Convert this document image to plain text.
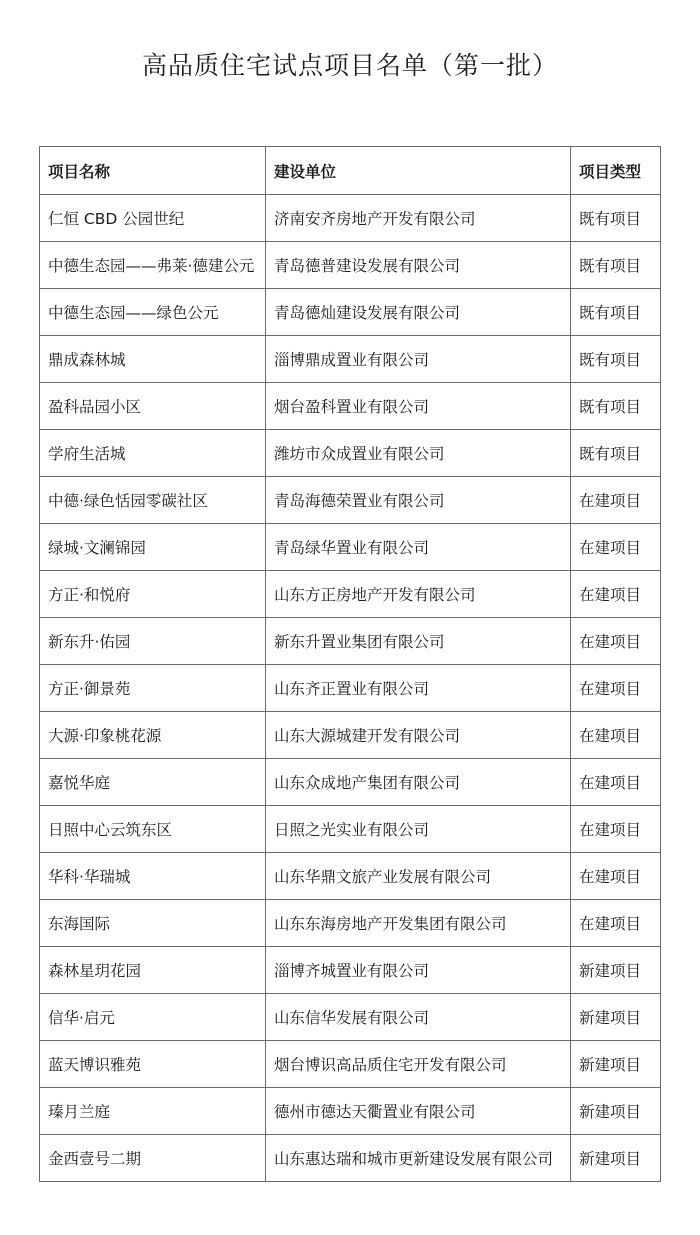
高品质住宅试点项目名单（第一批）
项目名称	建设单位	项目类型
仁恒 CBD 公园世纪	济南安齐房地产开发有限公司	既有项目
中德生态园——弗莱·德建公元	青岛德普建设发展有限公司	既有项目
中德生态园——绿色公元	青岛德灿建设发展有限公司	既有项目
鼎成森林城	淄博鼎成置业有限公司	既有项目
盈科品园小区	烟台盈科置业有限公司	既有项目
学府生活城	潍坊市众成置业有限公司	既有项目
中德·绿色恬园零碳社区	青岛海德荣置业有限公司	在建项目
绿城·文澜锦园	青岛绿华置业有限公司	在建项目
方正·和悦府	山东方正房地产开发有限公司	在建项目
新东升·佑园	新东升置业集团有限公司	在建项目
方正·御景苑	山东齐正置业有限公司	在建项目
大源·印象桃花源	山东大源城建开发有限公司	在建项目
嘉悦华庭	山东众成地产集团有限公司	在建项目
日照中心云筑东区	日照之光实业有限公司	在建项目
华科·华瑞城	山东华鼎文旅产业发展有限公司	在建项目
东海国际	山东东海房地产开发集团有限公司	在建项目
森林星玥花园	淄博齐城置业有限公司	新建项目
信华·启元	山东信华发展有限公司	新建项目
蓝天博识雅苑	烟台博识高品质住宅开发有限公司	新建项目
瑧月兰庭	德州市德达天衢置业有限公司	新建项目
金西壹号二期	山东惠达瑞和城市更新建设发展有限公司	新建项目
